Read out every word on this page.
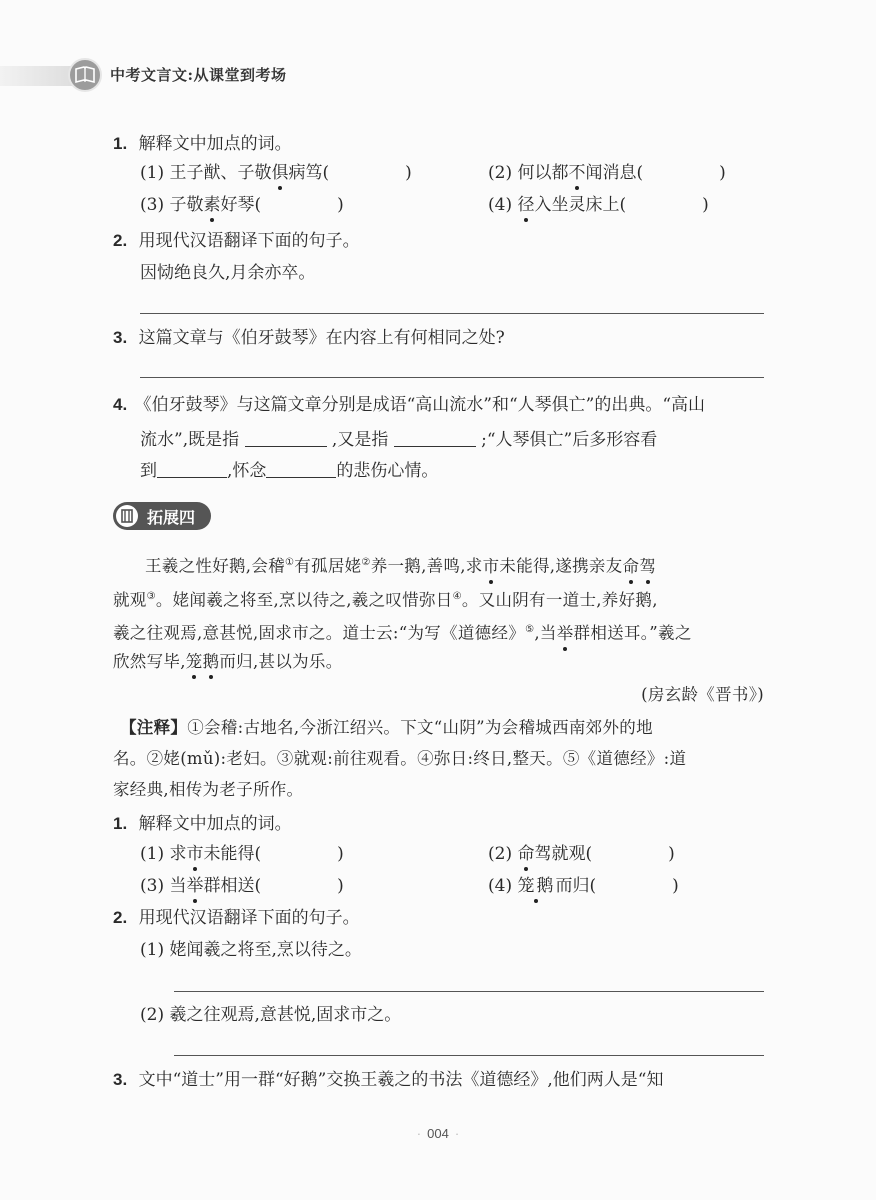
中考文言文:从课堂到考场
1. 解释文中加点的词。
(1) 王子猷、子敬俱病笃(	)	(2) 何以都不闻消息(	)
(3) 子敬素好琴(	)	(4) 径入坐灵床上(	)
2. 用现代汉语翻译下面的句子。
因恸绝良久,月余亦卒。
3. 这篇文章与《伯牙鼓琴》在内容上有何相同之处?
4. 《伯牙鼓琴》与这篇文章分别是成语“高山流水”和“人琴俱亡”的出典。“高山
流水”,既是指	,又是指	;“人琴俱亡”后多形容看
到	,怀念	的悲伤心情。
拓展四
王羲之性好鹅,会稽①有孤居姥②养一鹅,善鸣,求市未能得,遂携亲友命驾
就观③。姥闻羲之将至,烹以待之,羲之叹惜弥日④。又山阴有一道士,养好鹅,
羲之往观焉,意甚悦,固求市之。道士云:“为写《道德经》⑤,当举群相送耳。”羲之
欣然写毕,笼鹅而归,甚以为乐。
(房玄龄《晋书》)
【注释】①会稽:古地名,今浙江绍兴。下文“山阴”为会稽城西南郊外的地
名。②姥(mǔ):老妇。③就观:前往观看。④弥日:终日,整天。⑤《道德经》:道
家经典,相传为老子所作。
1. 解释文中加点的词。
(1) 求市未能得(	)	(2) 命驾就观(	)
(3) 当举群相送(	)	(4) 笼鹅而归(	)
2. 用现代汉语翻译下面的句子。
(1) 姥闻羲之将至,烹以待之。
(2) 羲之往观焉,意甚悦,固求市之。
3. 文中“道士”用一群“好鹅”交换王羲之的书法《道德经》,他们两人是“知
· 004 ·
